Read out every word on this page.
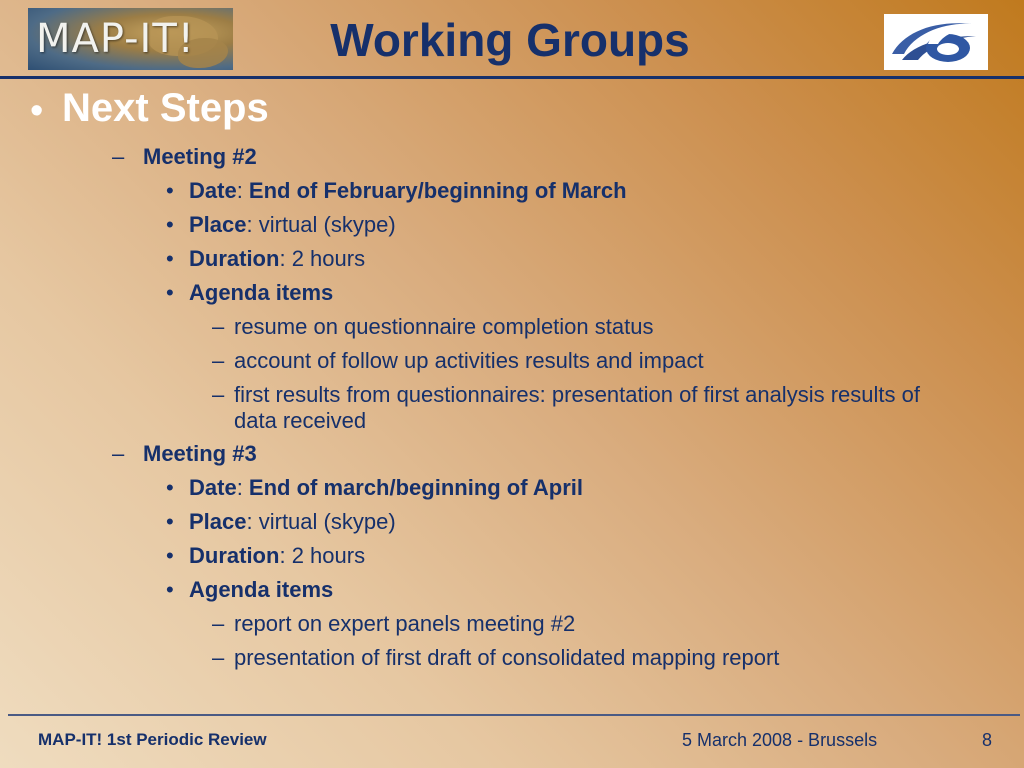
MAP-IT!	Working Groups
• Next Steps
– Meeting #2
• Date: End of February/beginning of March
• Place: virtual (skype)
• Duration: 2 hours
• Agenda items
– resume on questionnaire completion status
– account of follow up activities results and impact
– first results from questionnaires: presentation of first analysis results of data received
– Meeting #3
• Date: End of march/beginning of April
• Place: virtual (skype)
• Duration: 2 hours
• Agenda items
– report on expert panels meeting #2
– presentation of first draft of consolidated mapping report
MAP-IT! 1st Periodic Review	5 March 2008 - Brussels	8
